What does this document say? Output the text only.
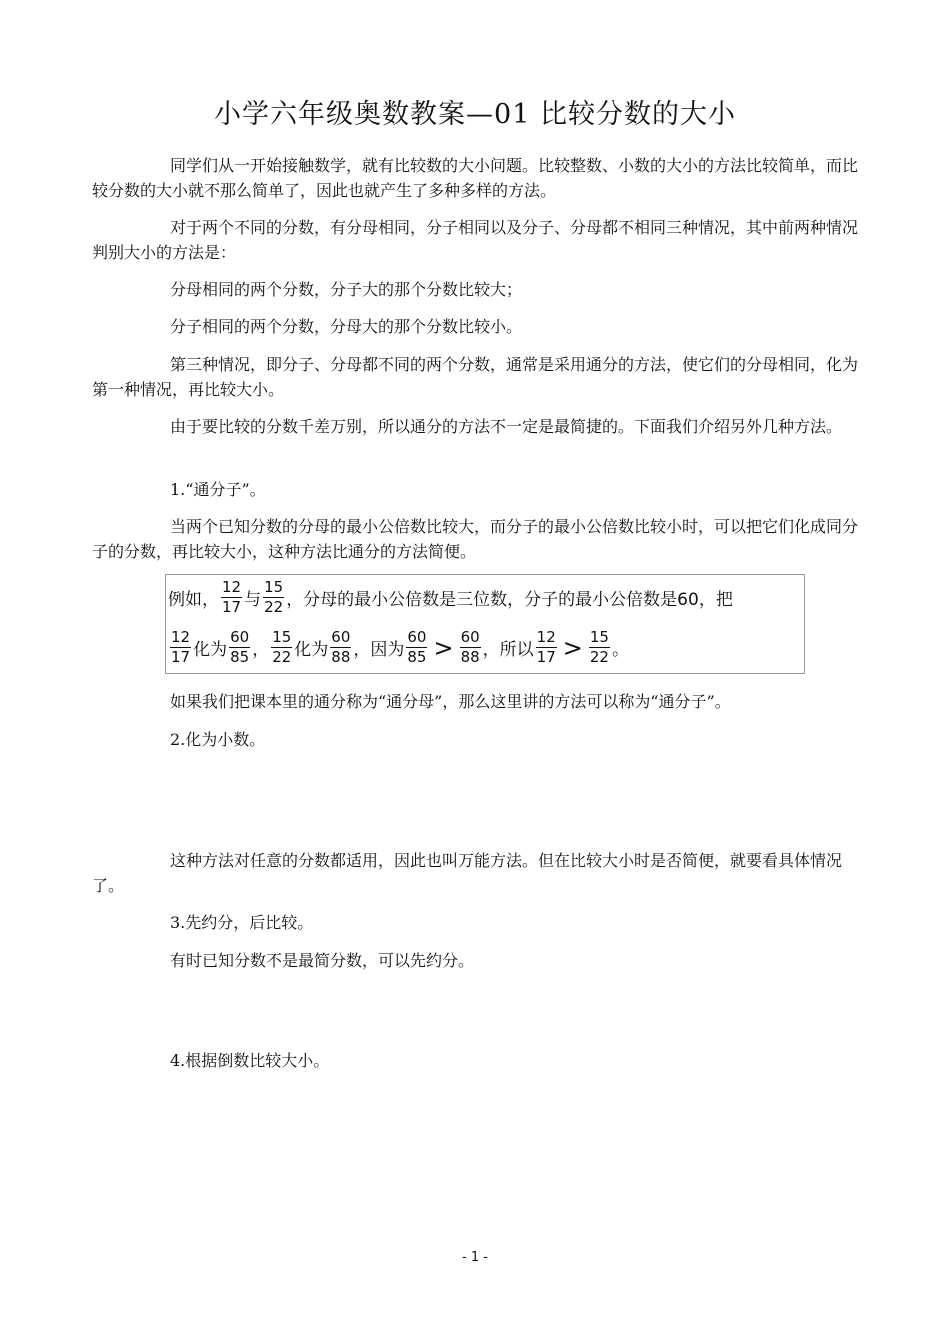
小学六年级奥数教案—01 比较分数的大小
同学们从一开始接触数学，就有比较数的大小问题。比较整数、小数的大小的方法比较简单，而比较分数的大小就不那么简单了，因此也就产生了多种多样的方法。
对于两个不同的分数，有分母相同，分子相同以及分子、分母都不相同三种情况，其中前两种情况判别大小的方法是：
分母相同的两个分数，分子大的那个分数比较大；
分子相同的两个分数，分母大的那个分数比较小。
第三种情况，即分子、分母都不同的两个分数，通常是采用通分的方法，使它们的分母相同，化为第一种情况，再比较大小。
由于要比较的分数千差万别，所以通分的方法不一定是最简捷的。下面我们介绍另外几种方法。
1.“通分子”。
当两个已知分数的分母的最小公倍数比较大，而分子的最小公倍数比较小时，可以把它们化成同分子的分数，再比较大小，这种方法比通分的方法简便。
例如， $\frac{12}{17}$ 与 $\frac{15}{22}$ ，分母的最小公倍数是三位数，分子的最小公倍数是60，把
$\frac{12}{17}$ 化为 $\frac{60}{85}$ ， $\frac{15}{22}$ 化为 $\frac{60}{88}$ ，因为 $\frac{60}{85} > \frac{60}{88}$ ，所以 $\frac{12}{17} > \frac{15}{22}$ 。
如果我们把课本里的通分称为“通分母”，那么这里讲的方法可以称为“通分子”。
2.化为小数。
这种方法对任意的分数都适用，因此也叫万能方法。但在比较大小时是否简便，就要看具体情况了。
3.先约分，后比较。
有时已知分数不是最简分数，可以先约分。
4.根据倒数比较大小。
- 1 -
